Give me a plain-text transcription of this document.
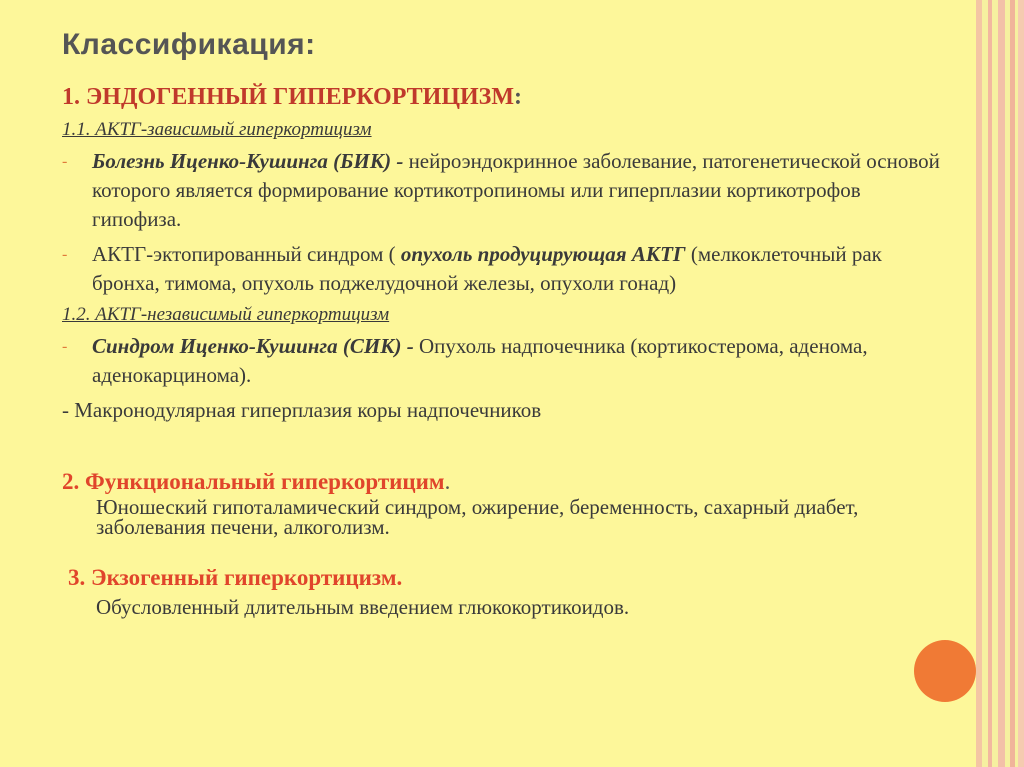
Классификация:

1. ЭНДОГЕННЫЙ ГИПЕРКОРТИЦИЗМ:

1.1. АКТГ-зависимый гиперкортицизм

- Болезнь Иценко-Кушинга (БИК) - нейроэндокринное заболевание, патогенетической основой которого является формирование кортикотропиномы или гиперплазии кортикотрофов гипофиза.

- АКТГ-эктопированный синдром ( опухоль продуцирующая АКТГ (мелкоклеточный рак бронха, тимома, опухоль поджелудочной железы, опухоли гонад)

1.2. АКТГ-независимый гиперкортицизм

- Синдром Иценко-Кушинга (СИК) - Опухоль надпочечника (кортикостерома, аденома, аденокарцинома).

- Макронодулярная гиперплазия коры надпочечников

2. Функциональный гиперкортицим.

Юношеский гипоталамический синдром, ожирение, беременность, сахарный диабет, заболевания печени, алкоголизм.

3. Экзогенный гиперкортицизм.

Обусловленный длительным введением глюкокортикоидов.
